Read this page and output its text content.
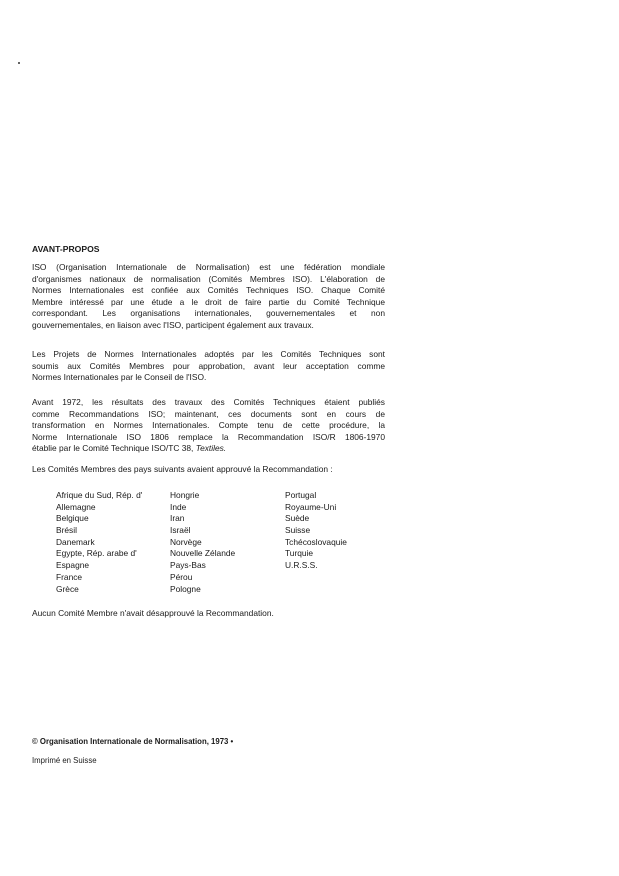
AVANT-PROPOS
ISO (Organisation Internationale de Normalisation) est une fédération mondiale
d'organismes nationaux de normalisation (Comités Membres ISO). L'élaboration de
Normes Internationales est confiée aux Comités Techniques ISO. Chaque Comité
Membre intéressé par une étude a le droit de faire partie du Comité Technique
correspondant. Les organisations internationales, gouvernementales et non
gouvernementales, en liaison avec l'ISO, participent également aux travaux.
Les Projets de Normes Internationales adoptés par les Comités Techniques sont
soumis aux Comités Membres pour approbation, avant leur acceptation comme
Normes Internationales par le Conseil de l'ISO.
Avant 1972, les résultats des travaux des Comités Techniques étaient publiés
comme Recommandations ISO; maintenant, ces documents sont en cours de
transformation en Normes Internationales. Compte tenu de cette procédure, la
Norme Internationale ISO 1806 remplace la Recommandation ISO/R 1806-1970
établie par le Comité Technique ISO/TC 38, Textiles.
Les Comités Membres des pays suivants avaient approuvé la Recommandation :
Afrique du Sud, Rép. d'
Allemagne
Belgique
Brésil
Danemark
Egypte, Rép. arabe d'
Espagne
France
Grèce
Hongrie
Inde
Iran
Israël
Norvège
Nouvelle Zélande
Pays-Bas
Pérou
Pologne
Portugal
Royaume-Uni
Suède
Suisse
Tchécoslovaquie
Turquie
U.R.S.S.
Aucun Comité Membre n'avait désapprouvé la Recommandation.
© Organisation Internationale de Normalisation, 1973 •
Imprimé en Suisse
